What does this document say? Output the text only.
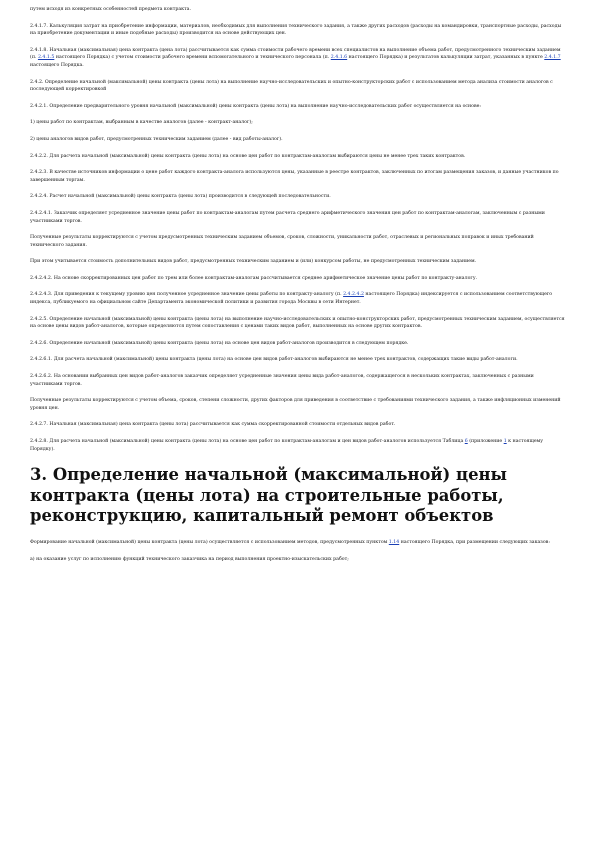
путем исходя из конкретных особенностей предмета контракта.

2.4.1.7. Калькуляция затрат на приобретение информации, материалов, необходимых для выполнения технического задания, а также других расходов (расходы на командировки, транспортные расходы, расходы на приобретение документации и иные подобные расходы) производится на основе действующих цен.

2.4.1.8. Начальная (максимальная) цена контракта (цена лота) рассчитывается как сумма стоимости рабочего времени всех специалистов на выполнение объема работ, предусмотренного техническим заданием (п. 2.4.1.5 настоящего Порядка) с учетом стоимости рабочего времени вспомогательного и технического персонала (п. 2.4.1.6 настоящего Порядка) и результатов калькуляции затрат, указанных в пункте 2.4.1.7 настоящего Порядка.

2.4.2. Определение начальной (максимальной) цены контракта (цены лота) на выполнение научно-исследовательских и опытно-конструкторских работ с использованием метода анализа стоимости аналогов с последующей корректировкой

2.4.2.1. Определение предварительного уровня начальной (максимальной) цены контракта (цены лота) на выполнение научно-исследовательских работ осуществляется на основе:

1) цены работ по контрактам, выбранным в качестве аналогов (далее - контракт-аналог);

2) цены аналогов видов работ, предусмотренных техническим заданием (далее - вид работы-аналог).

2.4.2.2. Для расчета начальной (максимальной) цены контракта (цены лота) на основе цен работ по контрактам-аналогам выбираются цены не менее трех таких контрактов.

2.4.2.3. В качестве источников информации о цене работ каждого контракта-аналога используются цены, указанные в реестре контрактов, заключенных по итогам размещения заказов, и данные участников по завершенным торгам.

2.4.2.4. Расчет начальной (максимальной) цены контракта (цены лота) производится в следующей последовательности.

2.4.2.4.1. Заказчик определяет усредненное значение цены работ по контрактам-аналогам путем расчета среднего арифметического значения цен работ по контрактам-аналогам, заключенным с разными участниками торгов.

Полученные результаты корректируются с учетом предусмотренных техническим заданием объемов, сроков, сложности, уникальности работ, отраслевых и региональных поправок и иных требований технического задания.

При этом учитывается стоимость дополнительных видов работ, предусмотренных техническим заданием и (или) конкурсом работы, не предусмотренных техническим заданием.

2.4.2.4.2. На основе скорректированных цен работ по трем или более контрактам-аналогам рассчитывается среднее арифметическое значение цены работ по контракту-аналогу.

2.4.2.4.3. Для приведения к текущему уровню цен полученное усредненное значение цены работы по контракту-аналогу (п. 2.4.2.4.2 настоящего Порядка) индексируется с использованием соответствующего индекса, публикуемого на официальном сайте Департамента экономической политики и развития города Москвы в сети Интернет.

2.4.2.5. Определение начальной (максимальной) цены контракта (цены лота) на выполнение научно-исследовательских и опытно-конструкторских работ, предусмотренных техническим заданием, осуществляется на основе цены видов работ-аналогов, которые определяются путем сопоставления с ценами таких видов работ, выполненных на основе других контрактов.

2.4.2.6. Определение начальной (максимальной) цены контракта (цены лота) на основе цен видов работ-аналогов производится в следующем порядке.

2.4.2.6.1. Для расчета начальной (максимальной) цены контракта (цены лота) на основе цен видов работ-аналогов выбираются не менее трех контрактов, содержащих такие виды работ-аналоги.

2.4.2.6.2. На основании выбранных цен видов работ-аналогов заказчик определяет усредненные значения цены вида работ-аналогов, содержащегося в нескольких контрактах, заключенных с разными участниками торгов.

Полученные результаты корректируются с учетом объема, сроков, степени сложности, других факторов для приведения в соответствие с требованиями технического задания, а также инфляционных изменений уровня цен.

2.4.2.7. Начальная (максимальная) цена контракта (цены лота) рассчитывается как сумма скорректированной стоимости отдельных видов работ.

2.4.2.8. Для расчета начальной (максимальной) цены контракта (цены лота) на основе цен работ по контрактам-аналогам и цен видов работ-аналогов используется Таблица 6 (приложение 1 к настоящему Порядку).

3. Определение начальной (максимальной) цены контракта (цены лота) на строительные работы, реконструкцию, капитальный ремонт объектов

Формирование начальной (максимальной) цены контракта (цены лота) осуществляется с использованием методов, предусмотренных пунктом 1.14 настоящего Порядка, при размещении следующих заказов:

а) на оказание услуг по исполнению функций технического заказчика на период выполнения проектно-изыскательских работ;
